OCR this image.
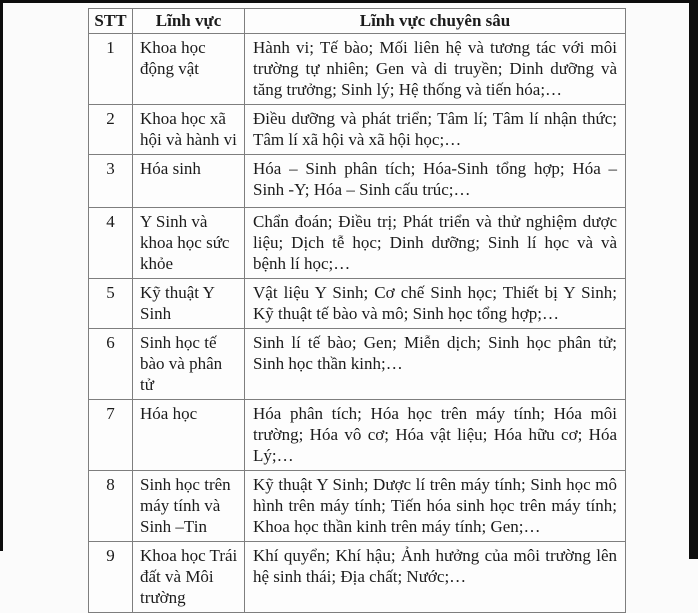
STT	Lĩnh vực	Lĩnh vực chuyên sâu
1	Khoa học động vật	Hành vi; Tế bào; Mối liên hệ và tương tác với môi trường tự nhiên; Gen và di truyền; Dinh dưỡng và tăng trưởng; Sinh lý; Hệ thống và tiến hóa;…
2	Khoa học xã hội và hành vi	Điều dưỡng và phát triển; Tâm lí; Tâm lí nhận thức; Tâm lí xã hội và xã hội học;…
3	Hóa sinh	Hóa – Sinh phân tích; Hóa-Sinh tổng hợp; Hóa – Sinh -Y; Hóa – Sinh cấu trúc;…
4	Y Sinh và khoa học sức khỏe	Chẩn đoán; Điều trị; Phát triển và thử nghiệm dược liệu; Dịch tễ học; Dinh dưỡng; Sinh lí học và và bệnh lí học;…
5	Kỹ thuật Y Sinh	Vật liệu Y Sinh; Cơ chế Sinh học; Thiết bị Y Sinh; Kỹ thuật tế bào và mô; Sinh học tổng hợp;…
6	Sinh học tế bào và phân tử	Sinh lí tế bào; Gen; Miễn dịch; Sinh học phân tử; Sinh học thần kinh;…
7	Hóa học	Hóa phân tích; Hóa học trên máy tính; Hóa môi trường; Hóa vô cơ; Hóa vật liệu; Hóa hữu cơ; Hóa Lý;…
8	Sinh học trên máy tính và Sinh –Tin	Kỹ thuật Y Sinh; Dược lí trên máy tính; Sinh học mô hình trên máy tính; Tiến hóa sinh học trên máy tính; Khoa học thần kinh trên máy tính; Gen;…
9	Khoa học Trái đất và Môi trường	Khí quyển; Khí hậu; Ảnh hưởng của môi trường lên hệ sinh thái; Địa chất; Nước;…
